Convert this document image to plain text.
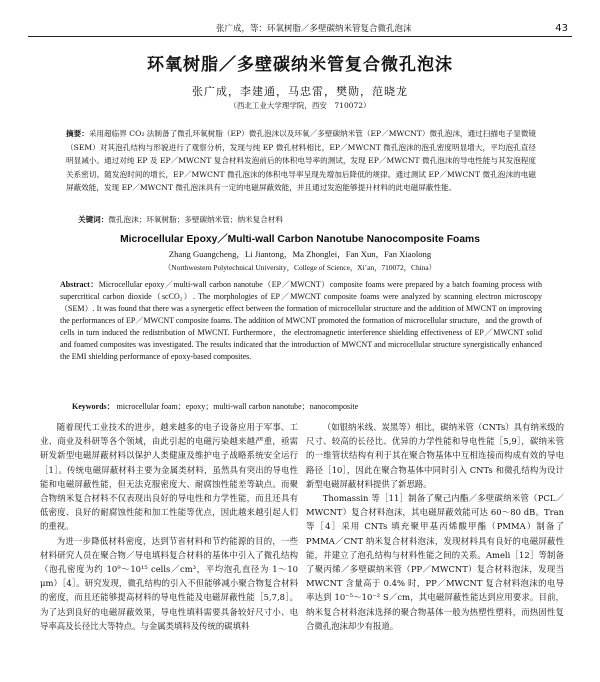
张广成，等：环氧树脂／多壁碳纳米管复合微孔泡沫	43
环氧树脂／多壁碳纳米管复合微孔泡沫
张广成，李建通，马忠雷，樊勋，范晓龙
（西北工业大学理学院，西安　710072）

摘要：采用超临界 CO₂ 法制备了微孔环氧树脂（EP）微孔泡沫以及环氧／多壁碳纳米管（EP／MWCNT）微孔泡沫，通过扫描电子显微镜（SEM）对其泡孔结构与形貌进行了观察分析，发现与纯 EP 微孔材料相比，EP／MWCNT 微孔泡沫的泡孔密度明显增大，平均泡孔直径明显减小。通过对纯 EP 及 EP／MWCNT 复合材料发泡前后的体积电导率的测试，发现 EP／MWCNT 微孔泡沫的导电性能与其发泡程度关系密切。随发泡时间的增长，EP／MWCNT 微孔泡沫的体积电导率呈现先增加后降低的规律。通过测试 EP／MWCNT 微孔泡沫的电磁屏蔽效能，发现 EP／MWCNT 微孔泡沫具有一定的电磁屏蔽效能，并且通过发泡能够提升材料的此电磁屏蔽性能。

关键词：微孔泡沫；环氧树脂；多壁碳纳米管；纳米复合材料
Microcellular Epoxy／Multi-wall Carbon Nanotube Nanocomposite Foams
Zhang Guangcheng，Li Jiantong，Ma Zhonglei，Fan Xun，Fan Xiaolong
（Northwestern Polytechnical University，College of Science，Xi’an，710072，China）

Abstract：Microcellular epoxy／multi-wall carbon nanotube（EP／MWCNT）composite foams were prepared by a batch foaming process with supercritical carbon dioxide（scCO₂）. The morphologies of EP／MWCNT composite foams were analyzed by scanning electron microscopy（SEM）. It was found that there was a synergetic effect between the formation of microcellular structure and the addition of MWCNT on improving the performances of EP／MWCNT composite foams. The addition of MWCNT promoted the formation of microcellular structure，and the growth of cells in turn induced the redistribution of MWCNT. Furthermore，the electromagnetic interference shielding effectiveness of EP／MWCNT solid and foamed composites was investigated. The results indicated that the introduction of MWCNT and microcellular structure synergistically enhanced the EMI shielding performance of epoxy-based composites.

Keywords： microcellular foam；epoxy；multi-wall carbon nanotube；nanocomposite

随着现代工业技术的进步，越来越多的电子设备应用于军事、工业、商业及科研等各个领域，由此引起的电磁污染越来越严重，亟需研发新型电磁屏蔽材料以保护人类健康及维护电子战略系统安全运行［1］。传统电磁屏蔽材料主要为金属类材料，虽然具有突出的导电性能和电磁屏蔽性能，但无法克服密度大、耐腐蚀性能差等缺点。而聚合物纳米复合材料不仅表现出良好的导电性和力学性能，而且还具有低密度、良好的耐腐蚀性能和加工性能等优点，因此越来越引起人们的重视。

为进一步降低材料密度，达到节省材料和节约能源的目的，一些材料研究人员在聚合物／导电填料复合材料的基体中引入了微孔结构（泡孔密度为约 10⁹～10¹⁵ cells／cm³，平均泡孔直径为 1～10 μm）［4］。研究发现，微孔结构的引入不但能够减小聚合物复合材料的密度，而且还能够提高材料的导电性能及电磁屏蔽性能［5,7,8］。为了达到良好的电磁屏蔽效果，导电性填料需要具备较好尺寸小、电导率高及长径比大等特点。与金属类填料及传统的碳填料

（如银纳米线、炭黑等）相比，碳纳米管（CNTs）具有纳米级的尺寸、较高的长径比、优异的力学性能和导电性能［5,9］，碳纳米管的一维管状结构有利于其在聚合物基体中互相连接而构成有效的导电路径［10］，因此在聚合物基体中同时引入 CNTs 和微孔结构为设计新型电磁屏蔽材料提供了新思路。

Thomassin 等［11］制备了聚己内酯／多壁碳纳米管（PCL／MWCNT）复合材料泡沫，其电磁屏蔽效能可达 60～80 dB。Tran 等［4］采用 CNTs 填充聚甲基丙烯酸甲酯（PMMA）制备了 PMMA／CNT 纳米复合材料泡沫，发现材料具有良好的电磁屏蔽性能，并建立了泡孔结构与材料性能之间的关系。Ameli［12］等制备了聚丙烯／多壁碳纳米管（PP／MWCNT）复合材料泡沫，发现当 MWCNT 含量高于 0.4% 时，PP／MWCNT 复合材料泡沫的电导率达到 10⁻⁵～10⁻² S／cm，其电磁屏蔽性能达到应用要求。目前，纳米复合材料泡沫选择的聚合物基体一般为热塑性塑料，而热固性复合微孔泡沫却少有报道。
